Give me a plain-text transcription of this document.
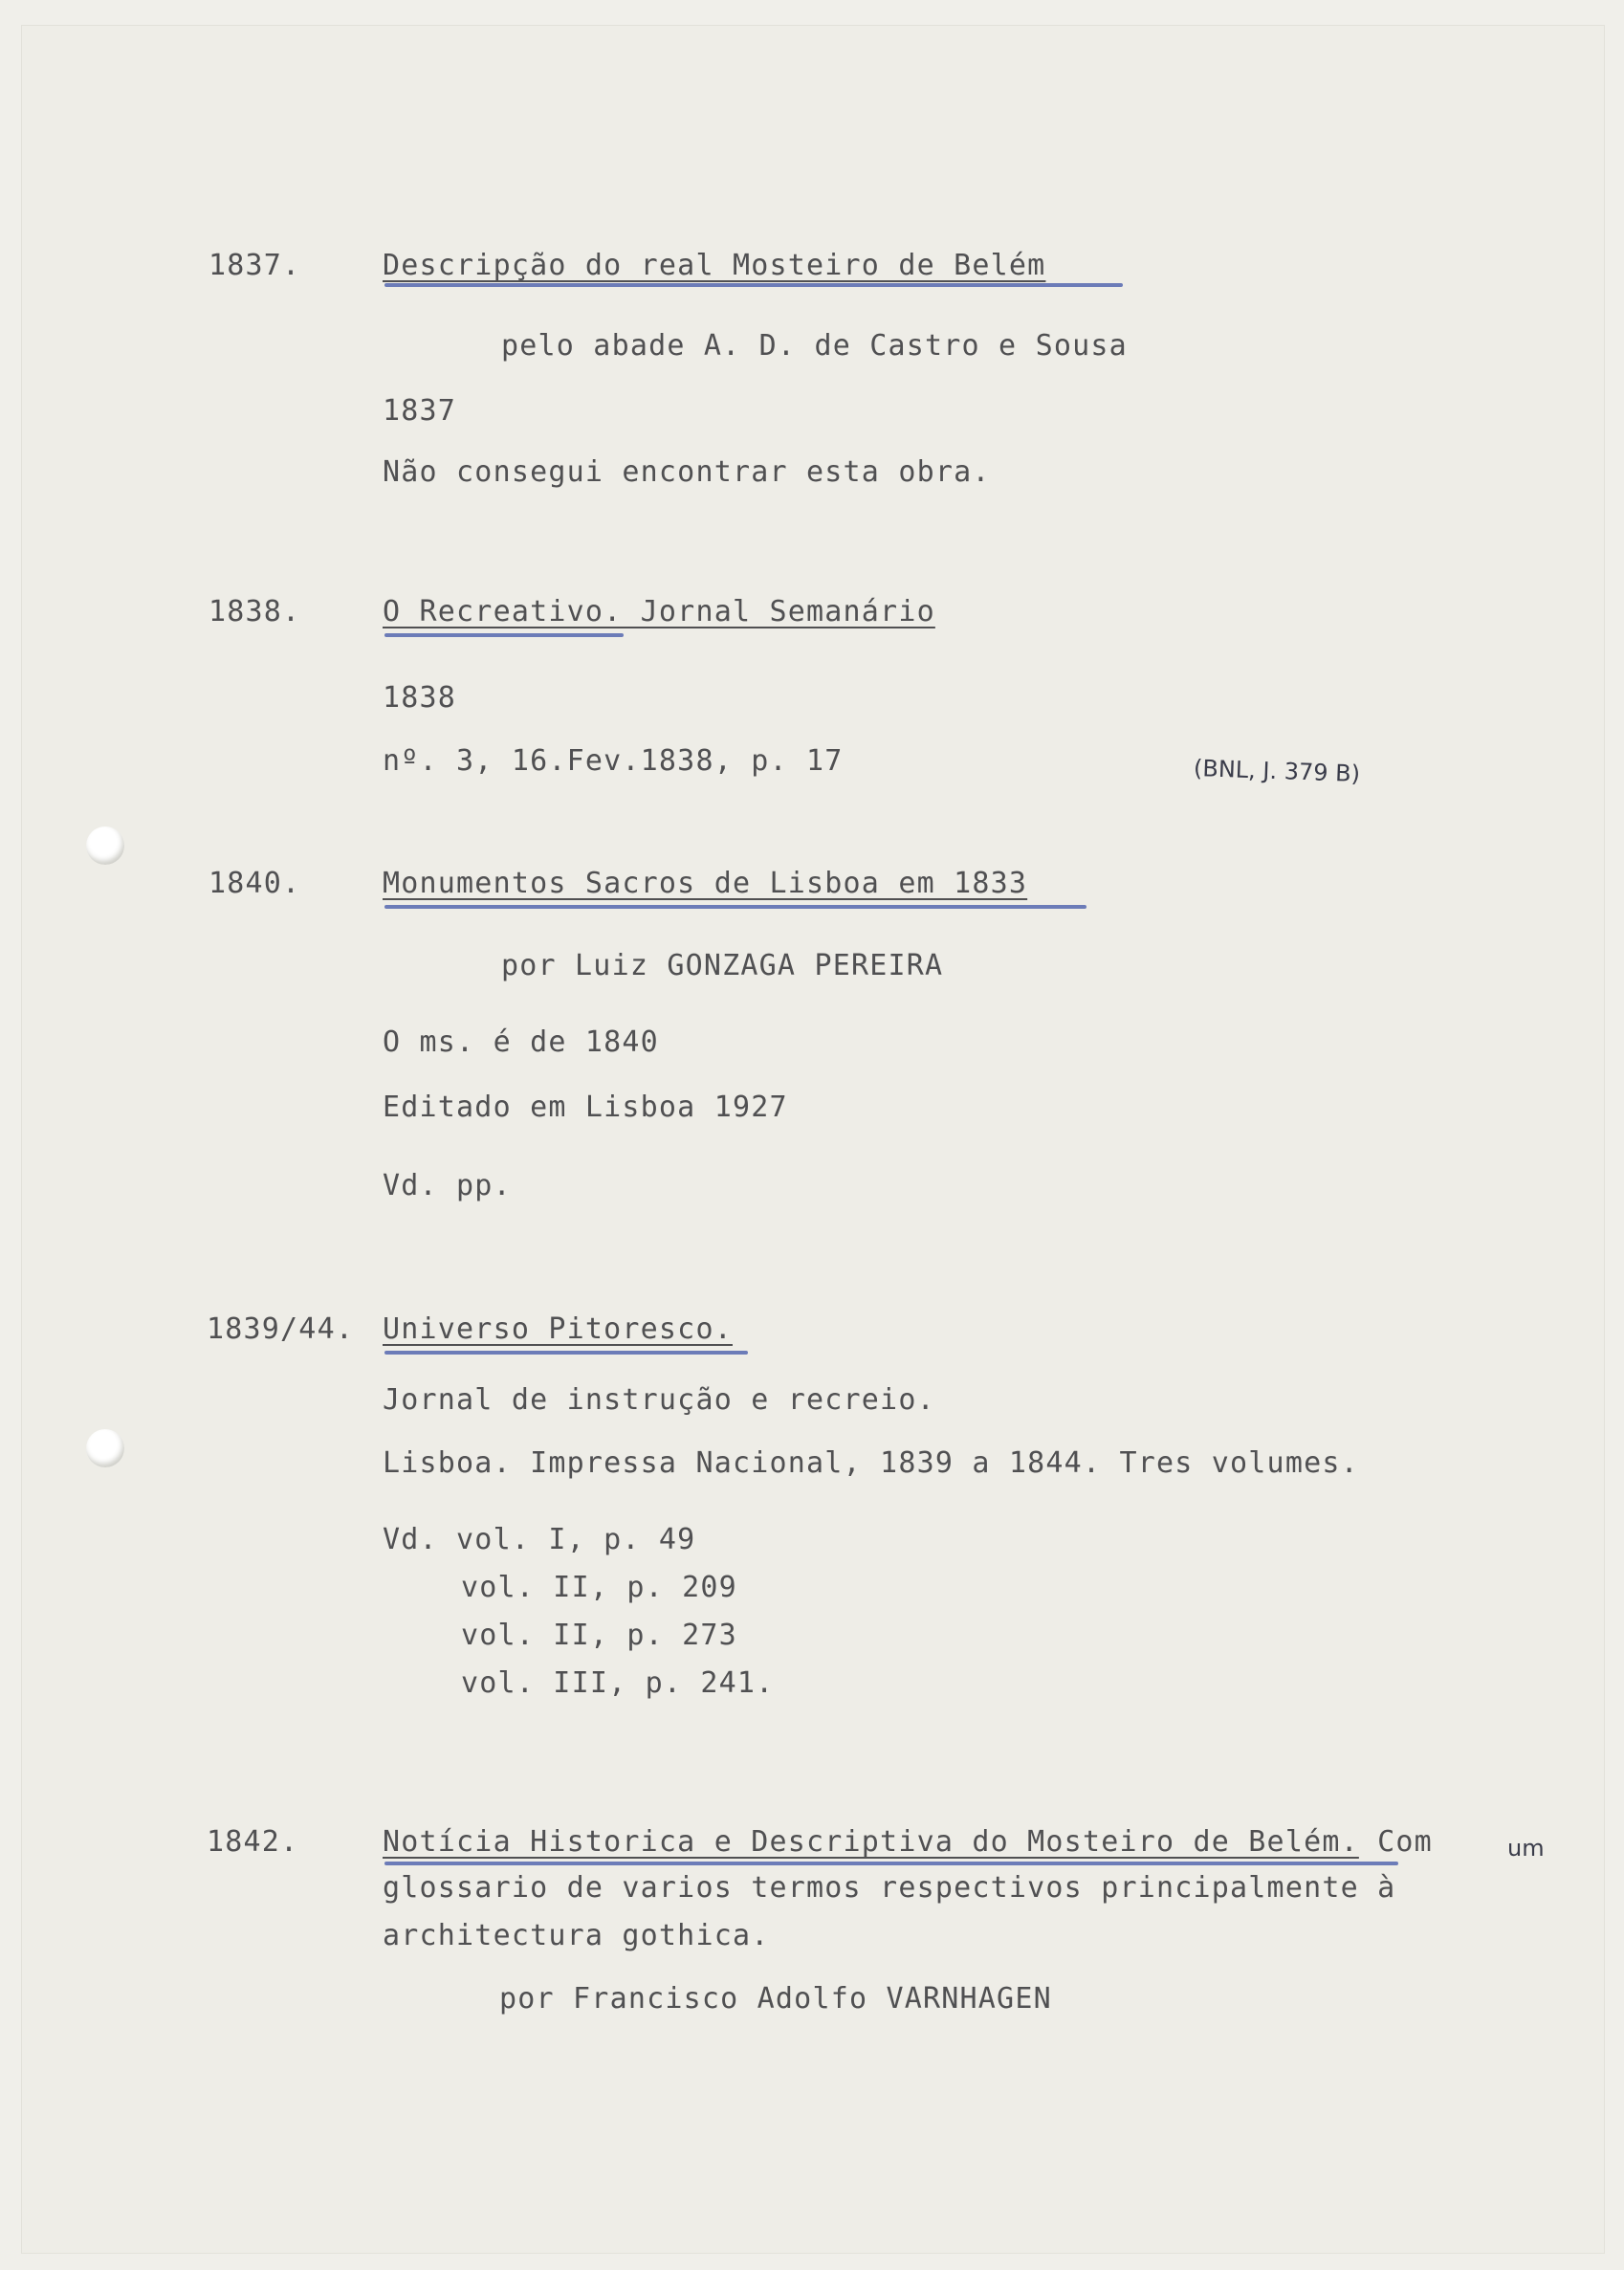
1837.	Descripção do real Mosteiro de Belém
pelo abade A. D. de Castro e Sousa
1837
Não consegui encontrar esta obra.
1838.	O Recreativo. Jornal Semanário
1838
nº. 3, 16.Fev.1838, p. 17	(BNL, J. 379 B)
1840.	Monumentos Sacros de Lisboa em 1833
por Luiz GONZAGA PEREIRA
O ms. é de 1840
Editado em Lisboa 1927
Vd. pp.
1839/44. Universo Pitoresco.
Jornal de instrução e recreio.
Lisboa. Impressa Nacional, 1839 a 1844. Tres volumes.
Vd. vol. I, p. 49
vol. II, p. 209
vol. II, p. 273
vol. III, p. 241.
1842.	Notícia Historica e Descriptiva do Mosteiro de Belém. Com	um
glossario de varios termos respectivos principalmente à
architectura gothica.
por Francisco Adolfo VARNHAGEN
